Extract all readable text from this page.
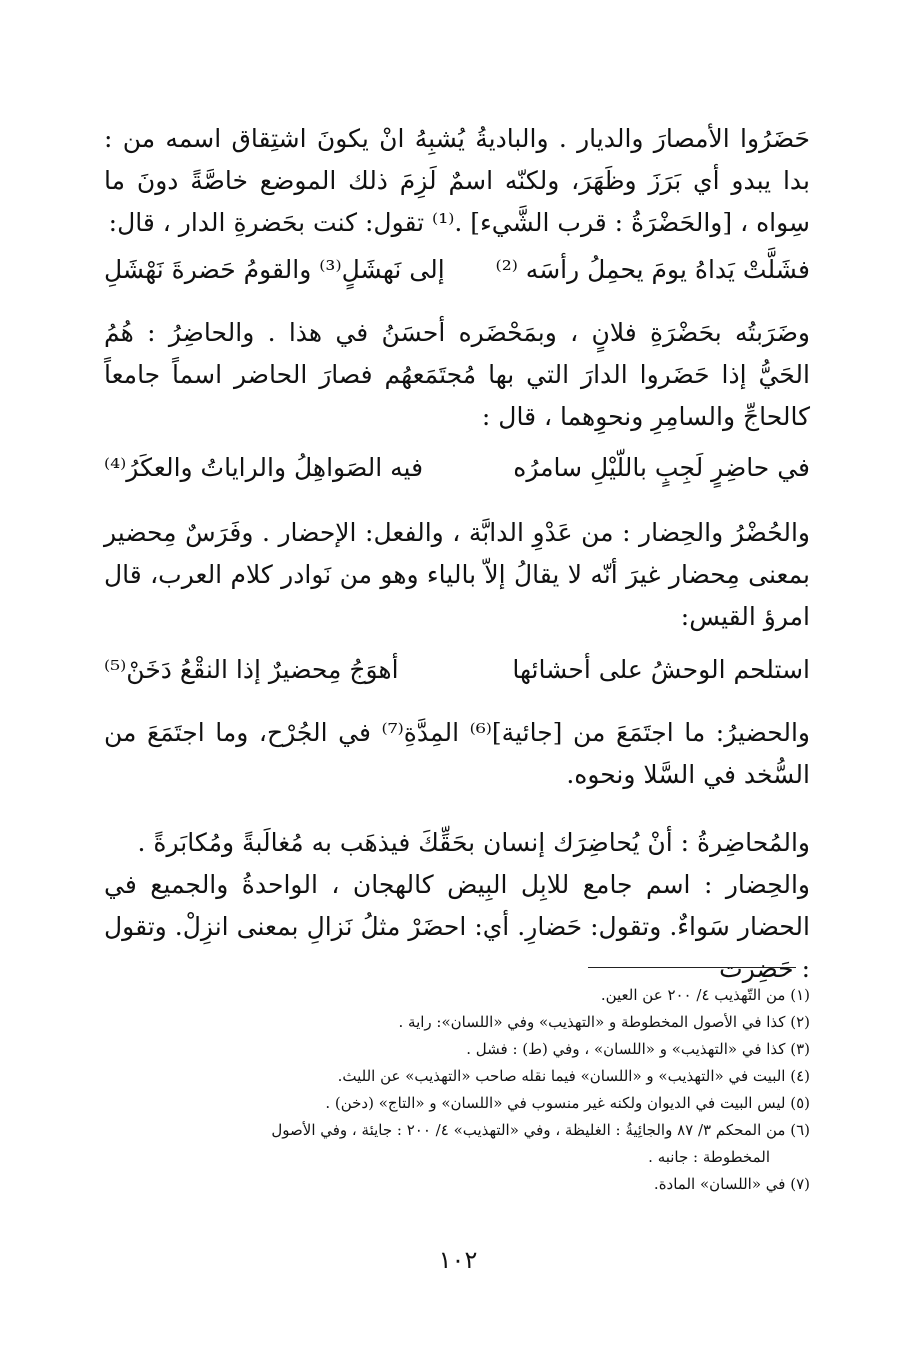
حَضَرُوا الأمصارَ والديار . والباديةُ يُشبِهُ انْ يكونَ اشتِقاق اسمه من : بدا يبدو أي بَرَزَ وظَهَرَ، ولكنّه اسمٌ لَزِمَ ذلك الموضع خاصَّةً دونَ ما سِواه ، [والحَضْرَةُ : قرب الشَّيء] .⁽¹⁾ تقول: كنت بحَضرةِ الدار ، قال:

فشَلَّتْ يَداهُ يومَ يحمِلُ رأسَه ⁽²⁾
إلى نَهشَلٍ⁽³⁾ والقومُ حَضرةَ نَهْشَلِ

وضَرَبتُه بحَضْرَةِ فلانٍ ، وبمَحْضَره أحسَنُ في هذا . والحاضِرُ : هُمُ الحَيُّ إذا حَضَروا الدارَ التي بها مُجتَمَعهُم فصارَ الحاضر اسماً جامعاً كالحاجِّ والسامِرِ ونحوِهما ، قال :

في حاضِرٍ لَجِبٍ باللّيْلِ سامرُه
فيه الصَواهِلُ والراياتُ والعكَرُ⁽⁴⁾

والحُضْرُ والحِضار : من عَدْوِ الدابَّة ، والفعل: الإحضار . وفَرَسٌ مِحضير بمعنى مِحضار غيرَ أنّه لا يقالُ إلاّ بالياء وهو من نَوادر كلام العرب، قال امرؤ القيس:

استلحم الوحشُ على أحشائها
أهوَجُ مِحضيرٌ إذا النقْعُ دَخَنْ⁽⁵⁾

والحضيرُ: ما اجتَمَعَ من [جائية]⁽⁶⁾ المِدَّةِ⁽⁷⁾ في الجُرْح، وما اجتَمَعَ من السُّخد في السَّلا ونحوه.

والمُحاضِرةُ : أنْ يُحاضِرَك إنسان بحَقِّكَ فيذهَب به مُغالَبةً ومُكابَرةً .

والحِضار : اسم جامع للابِل البِيض كالهجان ، الواحدةُ والجميع في الحضار سَواءٌ. وتقول: حَضارِ. أي: احضَرْ مثلُ نَزالِ بمعنى انزِلْ. وتقول : حَضِرت

(١) من التّهذيب ٤/ ٢٠٠ عن العين.
(٢) كذا في الأصول المخطوطة و «التهذيب» وفي «اللسان»: راية .
(٣) كذا في «التهذيب» و «اللسان» ، وفي (ط) : فشل .
(٤) البيت في «التهذيب» و «اللسان» فيما نقله صاحب «التهذيب» عن الليث.
(٥) ليس البيت في الديوان ولكنه غير منسوب في «اللسان» و «التاج» (دخن) .
(٦) من المحكم ٣/ ٨٧ والجائِيةُ : الغليظة ، وفي «التهذيب» ٤/ ٢٠٠ : جايئة ، وفي الأصول
المخطوطة : جانبه .
(٧) في «اللسان» المادة.
١٠٢
